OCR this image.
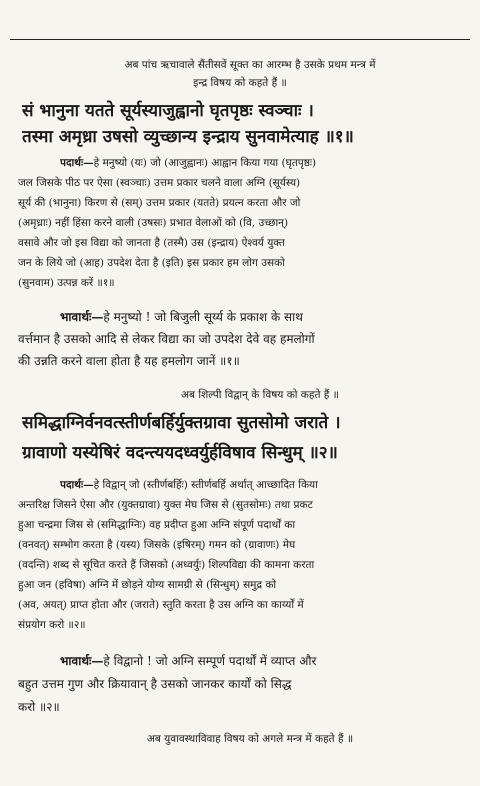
अब पांच ऋचावाले सैंतीसवें सूक्त का आरम्भ है उसके प्रथम मन्त्र में
इन्द्र विषय को कहते हैं ॥
सं भानुना यतते सूर्यस्याजुह्वानो घृतपृष्ठः स्वञ्चाः ।
तस्मा अमृध्रा उषसो व्युच्छान्य इन्द्राय सुनवामेत्याह ॥१॥
पदार्थः—हे मनुष्यो (यः) जो (आजुह्वानः) आह्वान किया गया (घृतपृष्ठः)
जल जिसके पीठ पर ऐसा (स्वञ्चाः) उत्तम प्रकार चलने वाला अग्नि (सूर्यस्य)
सूर्य की (भानुना) किरण से (सम्) उत्तम प्रकार (यतते) प्रयत्न करता और जो
(अमृध्राः) नहीं हिंसा करने वाली (उषसः) प्रभात वेलाओं को (वि, उच्छान्)
वसावे और जो इस विद्या को जानता है (तस्मै) उस (इन्द्राय) ऐश्वर्य युक्त
जन के लिये जो (आह) उपदेश देता है (इति) इस प्रकार हम लोग उसको
(सुनवाम) उत्पन्न करें ॥१॥
भावार्थः—हे मनुष्यो ! जो बिजुली सूर्य्य के प्रकाश के साथ
वर्त्तमान है उसको आदि से लेकर विद्या का जो उपदेश देवे वह हमलोगों
की उन्नति करने वाला होता है यह हमलोग जानें ॥१॥
अब शिल्पी विद्वान् के विषय को कहते हैं ॥
समिद्धाग्निर्वनवत्स्तीर्णबर्हिर्युक्तग्रावा सुतसोमो जराते ।
ग्रावाणो यस्येषिरं वदन्त्ययदध्वर्युर्हविषाव सिन्धुम् ॥२॥
पदार्थः—हे विद्वान् जो (स्तीर्णबर्हिः) स्तीर्णबर्हि अर्थात् आच्छादित किया
अन्तरिक्ष जिसने ऐसा और (युक्तग्रावा) युक्त मेघ जिस से (सुतसोमः) तथा प्रकट
हुआ चन्द्रमा जिस से (समिद्धाग्निः) वह प्रदीप्त हुआ अग्नि संपूर्ण पदार्थों का
(वनवत्) सम्भोग करता है (यस्य) जिसके (इषिरम्) गमन को (ग्रावाणः) मेघ
(वदन्ति) शब्द से सूचित करते हैं जिसको (अध्वर्युः) शिल्पविद्या की कामना करता
हुआ जन (हविषा) अग्नि में छोड़ने योग्य सामग्री से (सिन्धुम्) समुद्र को
(अव, अयत्) प्राप्त होता और (जराते) स्तुति करता है उस अग्नि का कार्य्यों में
संप्रयोग करो ॥२॥
भावार्थः—हे विद्वानो ! जो अग्नि सम्पूर्ण पदार्थों में व्याप्त और
बहुत उत्तम गुण और क्रियावान् है उसको जानकर कार्यों को सिद्ध
करो ॥२॥
अब युवावस्थाविवाह विषय को अगले मन्त्र में कहते हैं ॥
